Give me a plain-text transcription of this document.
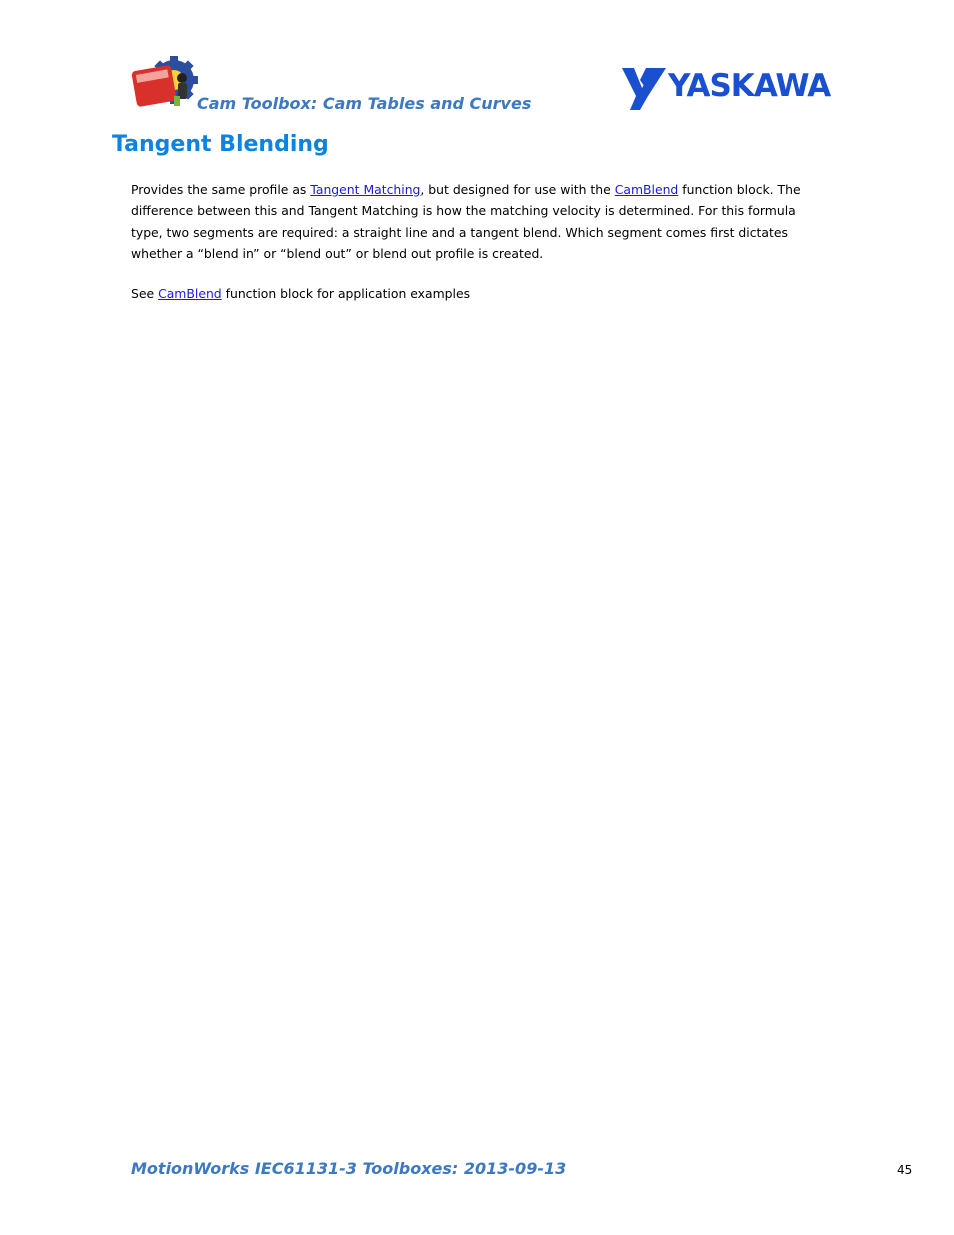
Cam Toolbox: Cam Tables and Curves	YASKAWA
Tangent Blending

Provides the same profile as Tangent Matching, but designed for use with the CamBlend function block. The difference between this and Tangent Matching is how the matching velocity is determined. For this formula type, two segments are required: a straight line and a tangent blend. Which segment comes first dictates whether a “blend in” or “blend out” or blend out profile is created.

See CamBlend function block for application examples

MotionWorks IEC61131-3 Toolboxes: 2013-09-13	45
